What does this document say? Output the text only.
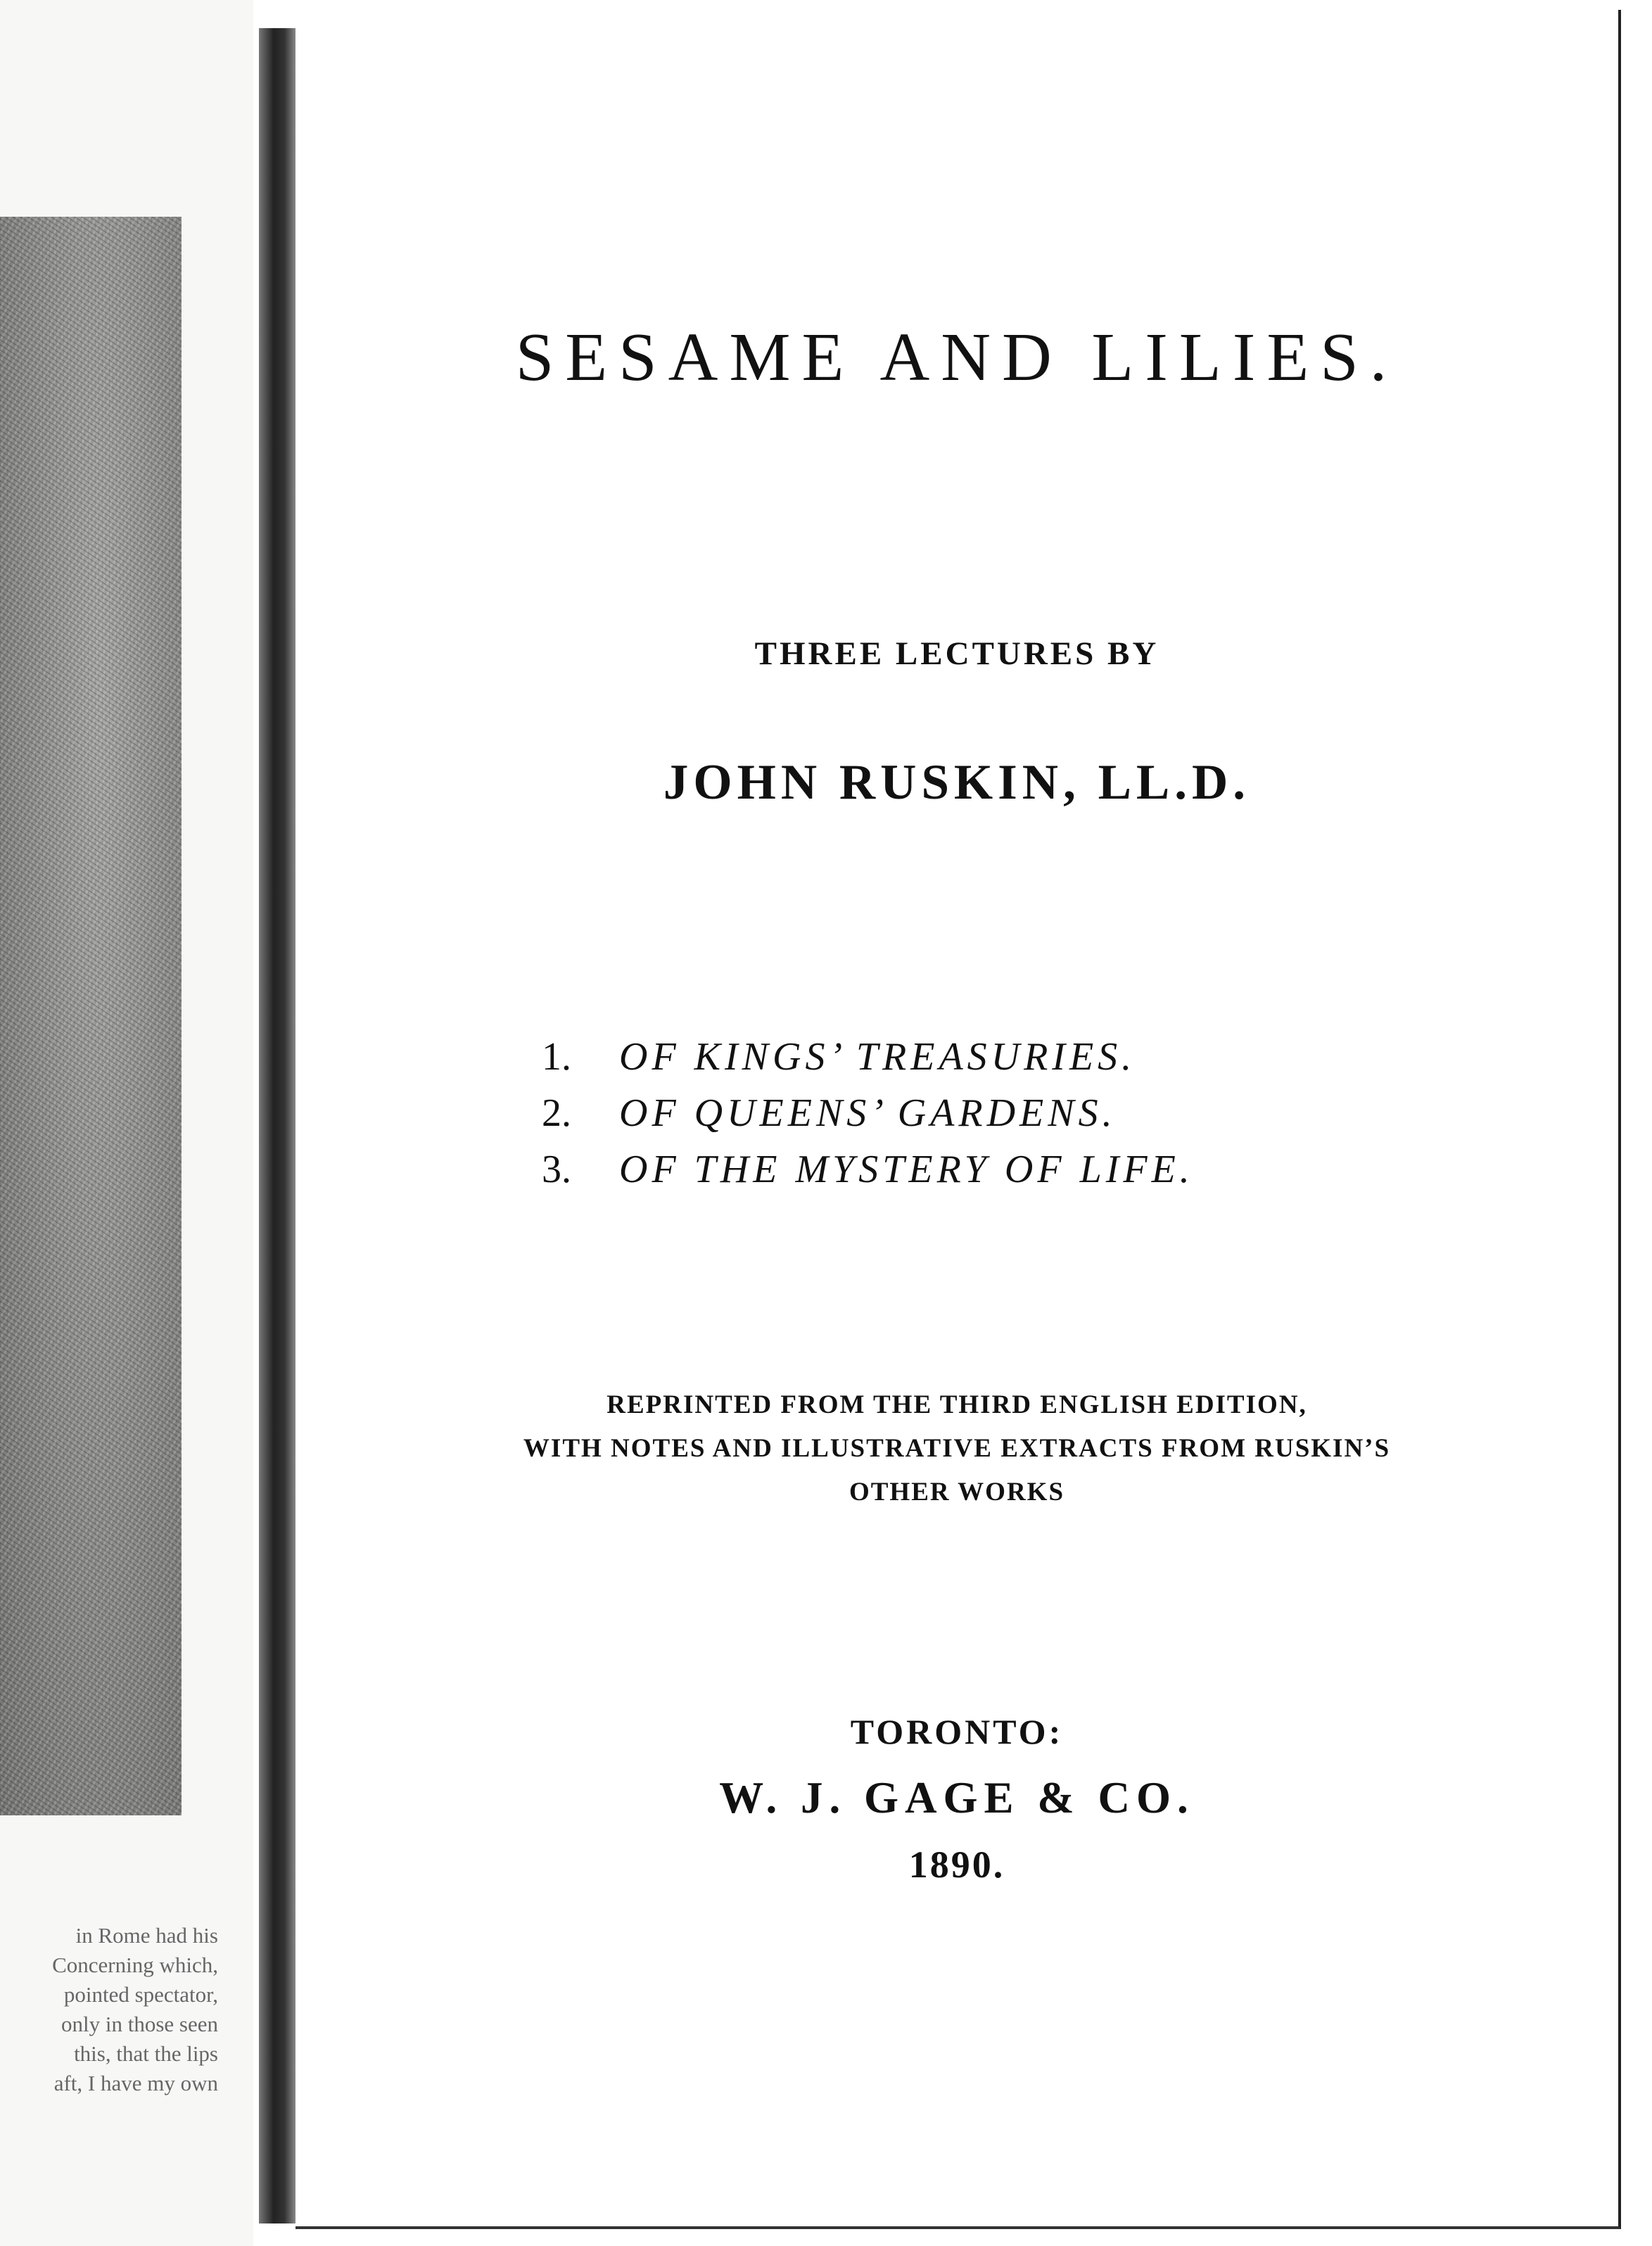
in Rome had his
Concerning which,
pointed spectator,
only in those seen
this, that the lips
aft, I have my own
SESAME AND LILIES.
THREE LECTURES BY
JOHN RUSKIN, LL.D.
1. OF KINGS’ TREASURIES.
2. OF QUEENS’ GARDENS.
3. OF THE MYSTERY OF LIFE.
REPRINTED FROM THE THIRD ENGLISH EDITION,
WITH NOTES AND ILLUSTRATIVE EXTRACTS FROM RUSKIN’S
OTHER WORKS
TORONTO:
W. J. GAGE & CO.
1890.
